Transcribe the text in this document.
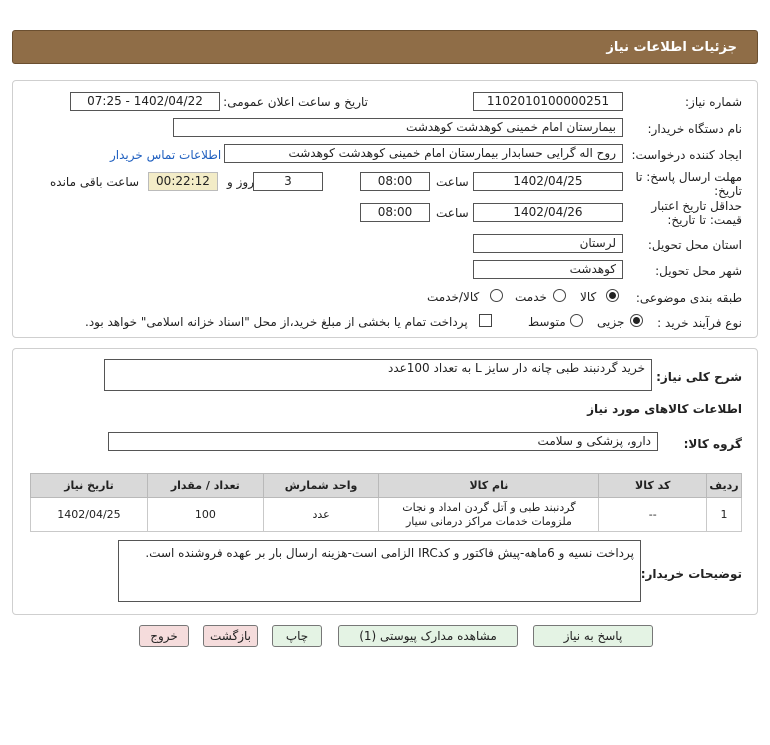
جزئیات اطلاعات نیاز
شماره نیاز:
1102010100000251
تاریخ و ساعت اعلان عمومی:
1402/04/22 - 07:25
نام دستگاه خریدار:
بیمارستان امام خمینی کوهدشت کوهدشت
ایجاد کننده درخواست:
روح اله گرایی حسابدار بیمارستان امام خمینی کوهدشت کوهدشت
اطلاعات تماس خریدار
مهلت ارسال پاسخ: تا تاریخ:
1402/04/25
ساعت
08:00
3
روز و
00:22:12
ساعت باقی مانده
حداقل تاریخ اعتبار قیمت: تا تاریخ:
1402/04/26
ساعت
08:00
استان محل تحویل:
لرستان
شهر محل تحویل:
کوهدشت
طبقه بندی موضوعی:
کالا
خدمت
کالا/خدمت
نوع فرآیند خرید :
جزیی
متوسط
پرداخت تمام یا بخشی از مبلغ خرید،از محل "اسناد خزانه اسلامی" خواهد بود.
شرح کلی نیاز:
خرید گردنبند طبی چانه دار سایز L به تعداد 100عدد
اطلاعات کالاهای مورد نیاز
گروه کالا:
دارو، پزشکی و سلامت
ردیف	کد کالا	نام کالا	واحد شمارش	تعداد / مقدار	تاریخ نیاز
1	--	گردنبند طبی و آتل گردن امداد و نجات ملزومات خدمات مراکز درمانی سیار	عدد	100	1402/04/25
توضیحات خریدار:
پرداخت نسیه و 6ماهه-پیش فاکتور و کدIRC الزامی است-هزینه ارسال بار بر عهده فروشنده است.
پاسخ به نیاز
مشاهده مدارک پیوستی (1)
چاپ
بازگشت
خروج
